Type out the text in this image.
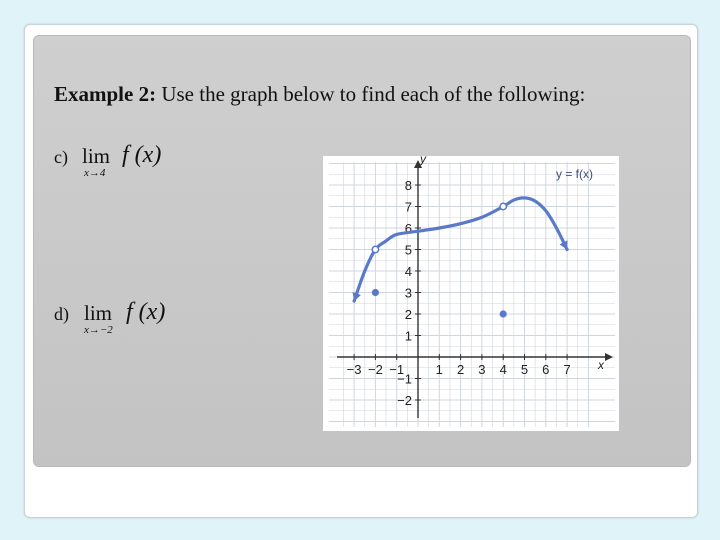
Example 2: Use the graph below to find each of the following:
c) lim
x→4
f (x)
d) lim
x→−2
f (x)
−3 −2 −1 1 2 3 4 5 6 7
8
7
6
5
4
3
2
1
−1
−2
y = f(x)
y
x
